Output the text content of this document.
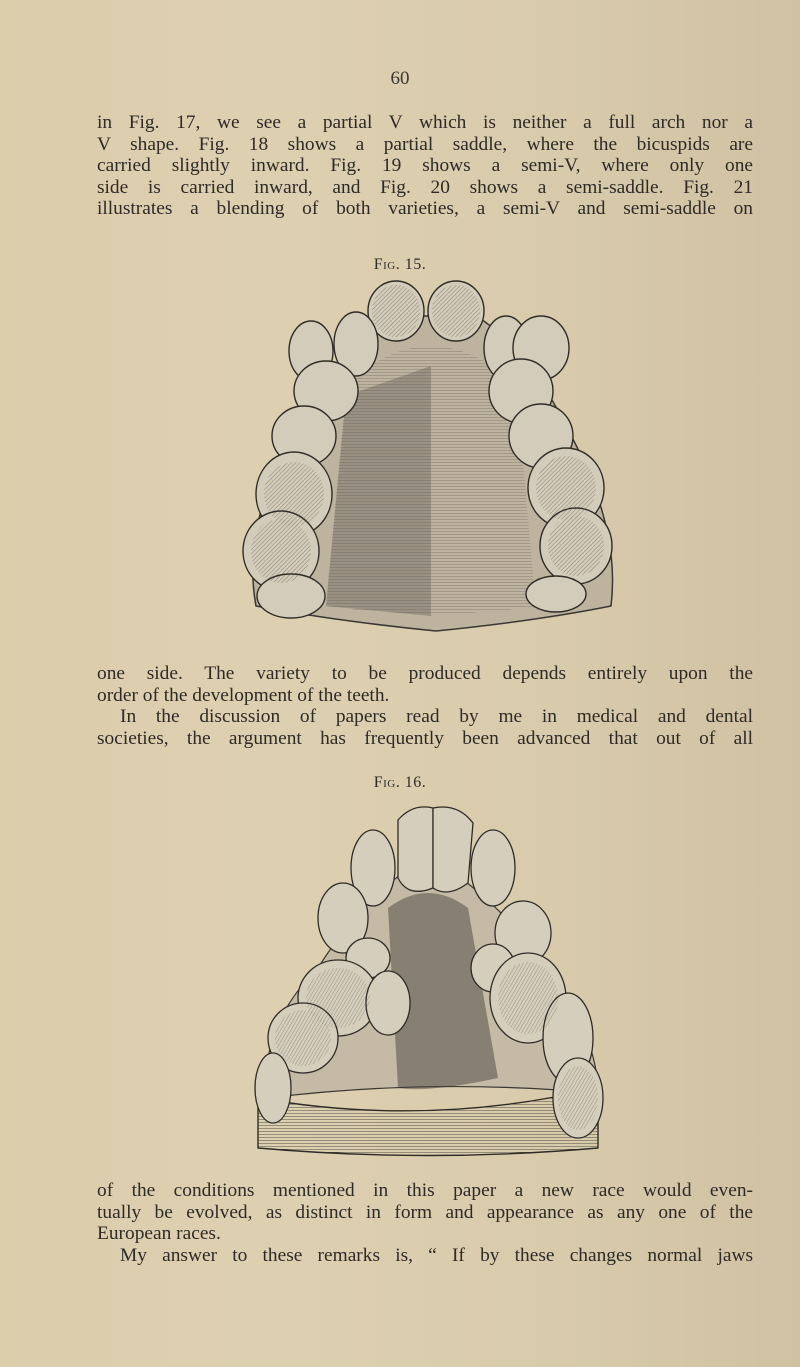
60
in Fig. 17, we see a partial V which is neither a full arch nor a
V shape. Fig. 18 shows a partial saddle, where the bicuspids are
carried slightly inward. Fig. 19 shows a semi-V, where only one
side is carried inward, and Fig. 20 shows a semi-saddle. Fig. 21
illustrates a blending of both varieties, a semi-V and semi-saddle on
Fig. 15.
one side. The variety to be produced depends entirely upon the
order of the development of the teeth.
In the discussion of papers read by me in medical and dental
societies, the argument has frequently been advanced that out of all
Fig. 16.
of the conditions mentioned in this paper a new race would even-
tually be evolved, as distinct in form and appearance as any one of the
European races.
My answer to these remarks is, “ If by these changes normal jaws
